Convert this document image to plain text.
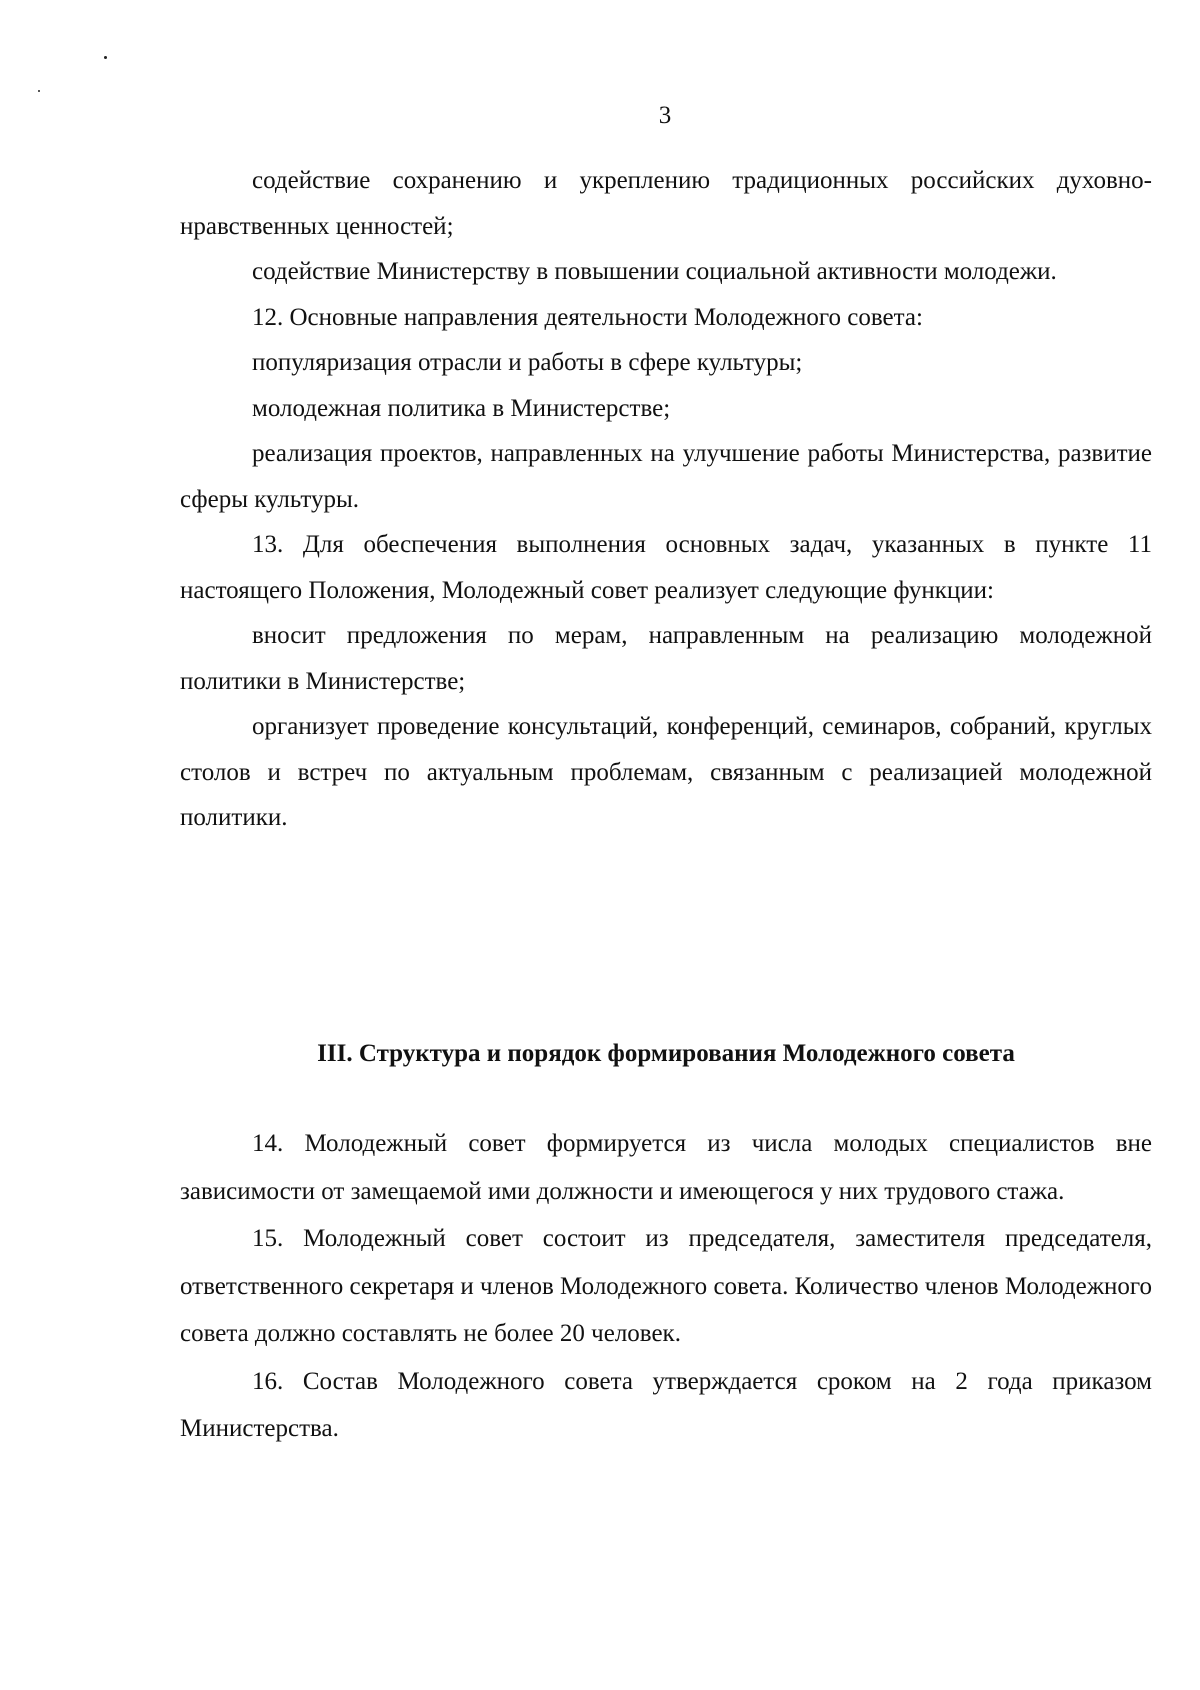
3

содействие сохранению и укреплению традиционных российских духовно-нравственных ценностей;

содействие Министерству в повышении социальной активности молодежи.

12. Основные направления деятельности Молодежного совета:

популяризация отрасли и работы в сфере культуры;

молодежная политика в Министерстве;

реализация проектов, направленных на улучшение работы Министерства, развитие сферы культуры.

13. Для обеспечения выполнения основных задач, указанных в пункте 11 настоящего Положения, Молодежный совет реализует следующие функции:

вносит предложения по мерам, направленным на реализацию молодежной политики в Министерстве;

организует проведение консультаций, конференций, семинаров, собраний, круглых столов и встреч по актуальным проблемам, связанным с реализацией молодежной политики.

III. Структура и порядок формирования Молодежного совета

14. Молодежный совет формируется из числа молодых специалистов вне зависимости от замещаемой ими должности и имеющегося у них трудового стажа.

15. Молодежный совет состоит из председателя, заместителя председателя, ответственного секретаря и членов Молодежного совета. Количество членов Молодежного совета должно составлять не более 20 человек.

16. Состав Молодежного совета утверждается сроком на 2 года приказом Министерства.
